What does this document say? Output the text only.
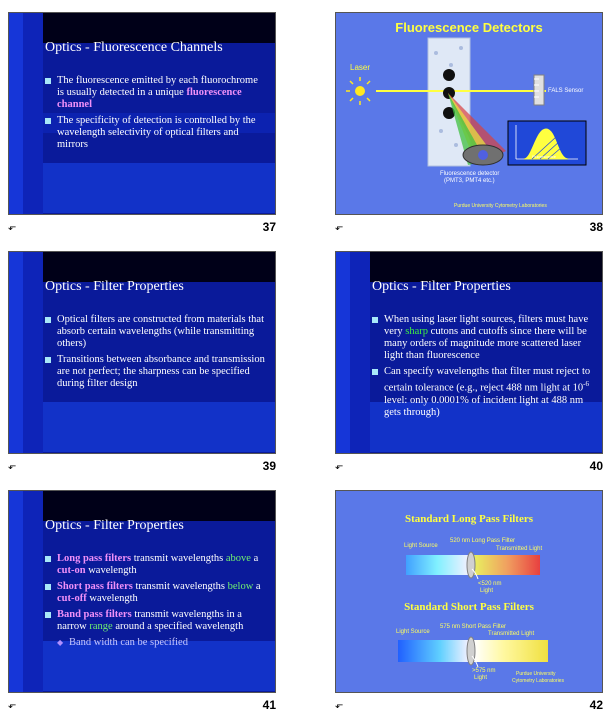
Optics - Fluorescence Channels
The fluorescence emitted by each fluorochrome is usually detected in a unique fluorescence channel
The specificity of detection is controlled by the wavelength selectivity of optical filters and mirrors
⬐	37
Fluorescence Detectors
Laser
FALS Sensor
Fluorescence
Fluorescence detector
(PMT3, PMT4 etc.)
Purdue University Cytometry Laboratories
⬐	38
Optics - Filter Properties
Optical filters are constructed from materials that absorb certain wavelengths (while transmitting others)
Transitions between absorbance and transmission are not perfect; the sharpness can be specified during filter design
⬐	39
Optics - Filter Properties
When using laser light sources, filters must have very sharp cutons and cutoffs since there will be many orders of magnitude more scattered laser light than fluorescence
Can specify wavelengths that filter must reject to certain tolerance (e.g., reject 488 nm light at $10^{-6}$ level: only 0.0001% of incident light at 488 nm gets through)
⬐	40
Optics - Filter Properties
Long pass filters transmit wavelengths above a cut-on wavelength
Short pass filters transmit wavelengths below a cut-off wavelength
Band pass filters transmit wavelengths in a narrow range around a specified wavelength
◆ Band width can be specified
⬐	41
Standard Long Pass Filters
Standard Short Pass Filters
Light Source
520 nm Long Pass Filter
Transmitted Light
<520 nm
Light
Light Source
575 nm Short Pass Filter
Transmitted Light
>575 nm
Light
Purdue University
Cytometry Laboratories
⬐	42
